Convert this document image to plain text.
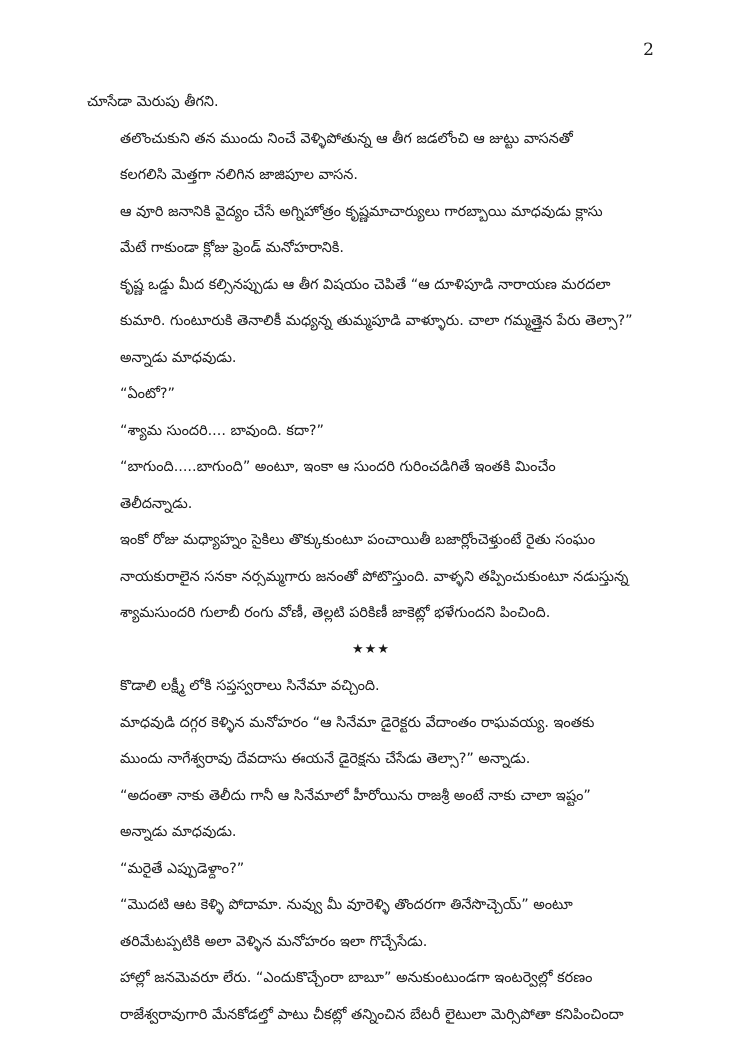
2

చూసేడా మెరుపు తీగని.

తలొంచుకుని తన ముందు నించే వెళ్ళిపోతున్న ఆ తీగ జడలోంచి ఆ జుట్టు వాసనతో
కలగలిసి మెత్తగా నలిగిన జాజిపూల వాసన.

ఆ వూరి జనానికి వైద్యం చేసే అగ్నిహోత్రం కృష్ణమాచార్యులు గారబ్బాయి మాధవుడు క్లాసు
మేటే గాకుండా క్లోజు ఫ్రెండ్ మనోహరానికి.

కృష్ణ ఒడ్డు మీద కల్సినప్పుడు ఆ తీగ విషయం చెపితే “ఆ దూళిపూడి నారాయణ మరదలా
కుమారి. గుంటూరుకి తెనాలికీ మధ్యన్న తుమ్మపూడి వాళ్ళూరు. చాలా గమ్మత్తైన పేరు తెల్సా?”
అన్నాడు మాధవుడు.

“ఏంటో?”

“శ్యామ సుందరి.... బావుంది. కదా?”

“బాగుంది.....బాగుంది” అంటూ, ఇంకా ఆ సుందరి గురించడిగితే ఇంతకి మించేం
తెలీదన్నాడు.

ఇంకో రోజు మధ్యాహ్నం సైకిలు తొక్కుకుంటూ పంచాయితీ బజార్లోంచెళ్తుంటే రైతు సంఘం
నాయకురాలైన సనకా నర్సమ్మగారు జనంతో పోటొస్తుంది. వాళ్ళని తప్పించుకుంటూ నడుస్తున్న
శ్యామసుందరి గులాబీ రంగు వోణీ, తెల్లటి పరికిణీ జాకెట్లో భళేగుందని పించింది.

★★★

కొడాలి లక్ష్మీ లోకి సప్తస్వరాలు సినేమా వచ్చింది.

మాధవుడి దగ్గర కెళ్ళిన మనోహరం “ఆ సినేమా డైరెక్టరు వేదాంతం రాఘవయ్య. ఇంతకు
ముందు నాగేశ్వరావు దేవదాసు ఈయనే డైరెక్షను చేసేడు తెల్సా?” అన్నాడు.

“అదంతా నాకు తెలీదు గానీ ఆ సినేమాలో హీరోయిను రాజశ్రీ అంటే నాకు చాలా ఇష్టం”
అన్నాడు మాధవుడు.

“మరైతే ఎప్పుడెళ్దాం?”

“మొదటి ఆట కెళ్ళి పోదామా. నువ్వు మీ వూరెళ్ళి తొందరగా తినేసొచ్చెయ్” అంటూ
తరిమేటప్పటికి అలా వెళ్ళిన మనోహరం ఇలా గొచ్చేసేడు.

హాల్లో జనమెవరూ లేరు. “ఎందుకొచ్చేంరా బాబూ” అనుకుంటుండగా ఇంటర్వెల్లో కరణం
రాజేశ్వరావుగారి మేనకోడల్తో పాటు చీకట్లో తన్నించిన బేటరీ లైటులా మెర్సిపోతా కనిపించిందా
